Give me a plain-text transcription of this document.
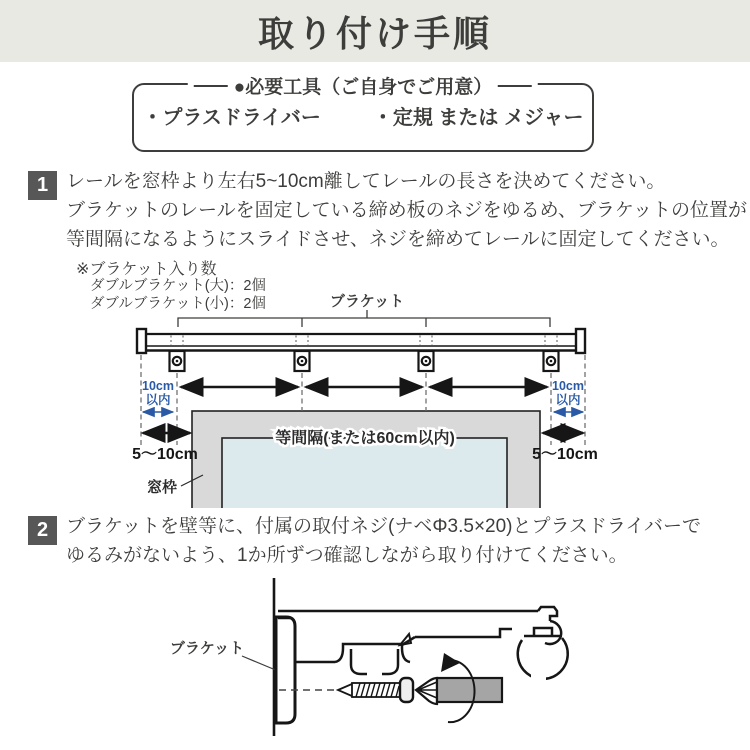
取り付け手順
●必要工具（ご自身でご用意）
・プラスドライバー	・定規 または メジャー
1 レールを窓枠より左右5~10cm離してレールの長さを決めてください。
ブラケットのレールを固定している締め板のネジをゆるめ、ブラケットの位置が
等間隔になるようにスライドさせ、ネジを締めてレールに固定してください。
※ブラケット入り数
ダブルブラケット(大)：2個
ダブルブラケット(小)：2個	ブラケット
10cm
以内
10cm
以内
5〜10cm	5〜10cm
等間隔(または60cm以内)
窓枠
2 ブラケットを壁等に、付属の取付ネジ(ナベΦ3.5×20)とプラスドライバーで
ゆるみがないよう、1か所ずつ確認しながら取り付けてください。
ブラケット
